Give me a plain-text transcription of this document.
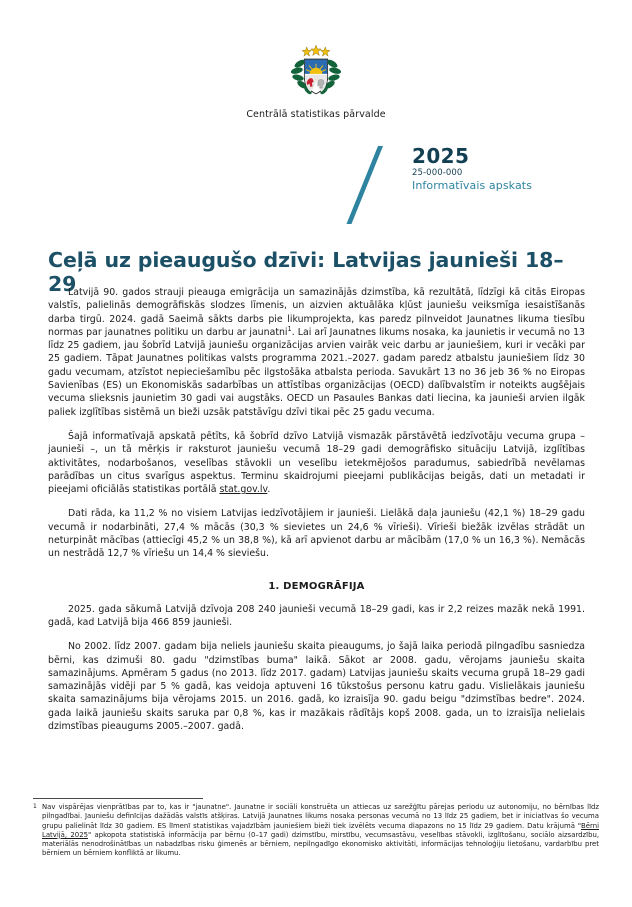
Centrālā statistikas pārvalde
2025
25-000-000
Informatīvais apskats
Ceļā uz pieaugušo dzīvi: Latvijas jaunieši 18–29

Latvijā 90. gados strauji pieauga emigrācija un samazinājās dzimstība, kā rezultātā, līdzīgi kā citās Eiropas valstīs, palielinās demogrāfiskās slodzes līmenis, un aizvien aktuālāka kļūst jauniešu veiksmīga iesaistīšanās darba tirgū. 2024. gadā Saeimā sākts darbs pie likumprojekta, kas paredz pilnveidot Jaunatnes likuma tiesību normas par jaunatnes politiku un darbu ar jaunatni$^1$. Lai arī Jaunatnes likums nosaka, ka jaunietis ir vecumā no 13 līdz 25 gadiem, jau šobrīd Latvijā jauniešu organizācijas arvien vairāk veic darbu ar jauniešiem, kuri ir vecāki par 25 gadiem. Tāpat Jaunatnes politikas valsts programma 2021.–2027. gadam paredz atbalstu jauniešiem līdz 30 gadu vecumam, atzīstot nepieciešamību pēc ilgstošāka atbalsta perioda. Savukārt 13 no 36 jeb 36 % no Eiropas Savienības (ES) un Ekonomiskās sadarbības un attīstības organizācijas (OECD) dalībvalstīm ir noteikts augšējais vecuma slieksnis jaunietim 30 gadi vai augstāks. OECD un Pasaules Bankas dati liecina, ka jaunieši arvien ilgāk paliek izglītības sistēmā un bieži uzsāk patstāvīgu dzīvi tikai pēc 25 gadu vecuma.

Šajā informatīvajā apskatā pētīts, kā šobrīd dzīvo Latvijā vismazāk pārstāvētā iedzīvotāju vecuma grupa – jaunieši –, un tā mērķis ir raksturot jauniešu vecumā 18–29 gadi demogrāfisko situāciju Latvijā, izglītības aktivitātes, nodarbošanos, veselības stāvokli un veselību ietekmējošos paradumus, sabiedrībā nevēlamas parādības un citus svarīgus aspektus. Terminu skaidrojumi pieejami publikācijas beigās, dati un metadati ir pieejami oficiālās statistikas portālā stat.gov.lv.

Dati rāda, ka 11,2 % no visiem Latvijas iedzīvotājiem ir jaunieši. Lielākā daļa jauniešu (42,1 %) 18–29 gadu vecumā ir nodarbināti, 27,4 % mācās (30,3 % sievietes un 24,6 % vīrieši). Vīrieši biežāk izvēlas strādāt un neturpināt mācības (attiecīgi 45,2 % un 38,8 %), kā arī apvienot darbu ar mācībām (17,0 % un 16,3 %). Nemācās un nestrādā 12,7 % vīriešu un 14,4 % sieviešu.

1. DEMOGRĀFIJA

2025. gada sākumā Latvijā dzīvoja 208 240 jaunieši vecumā 18–29 gadi, kas ir 2,2 reizes mazāk nekā 1991. gadā, kad Latvijā bija 466 859 jaunieši.

No 2002. līdz 2007. gadam bija neliels jauniešu skaita pieaugums, jo šajā laika periodā pilngadību sasniedza bērni, kas dzimuši 80. gadu "dzimstības buma" laikā. Sākot ar 2008. gadu, vērojams jauniešu skaita samazinājums. Apmēram 5 gadus (no 2013. līdz 2017. gadam) Latvijas jauniešu skaits vecuma grupā 18–29 gadi samazinājās vidēji par 5 % gadā, kas veidoja aptuveni 16 tūkstošus personu katru gadu. Vislielākais jauniešu skaita samazinājums bija vērojams 2015. un 2016. gadā, ko izraisīja 90. gadu beigu "dzimstības bedre". 2024. gada laikā jauniešu skaits saruka par 0,8 %, kas ir mazākais rādītājs kopš 2008. gada, un to izraisīja nelielais dzimstības pieaugums 2005.–2007. gadā.

1 Nav vispārējas vienprātības par to, kas ir "jaunatne". Jaunatne ir sociāli konstruēta un attiecas uz sarežģītu pārejas periodu uz autonomiju, no bērnības līdz pilngadībai. Jauniešu definīcijas dažādās valstīs atšķiras. Latvijā Jaunatnes likums nosaka personas vecumā no 13 līdz 25 gadiem, bet ir iniciatīvas šo vecuma grupu palielināt līdz 30 gadiem. ES līmenī statistikas vajadzībām jauniešiem bieži tiek izvēlēts vecuma diapazons no 15 līdz 29 gadiem. Datu krājumā "Bērni Latvijā, 2025" apkopota statistiskā informācija par bērnu (0–17 gadi) dzimstību, mirstību, vecumsastāvu, veselības stāvokli, izglītošanu, sociālo aizsardzību, materiālās nenodrošinātības un nabadzības risku ģimenēs ar bērniem, nepilngadīgo ekonomisko aktivitāti, informācijas tehnoloģiju lietošanu, vardarbību pret bērniem un bērniem konfliktā ar likumu.
